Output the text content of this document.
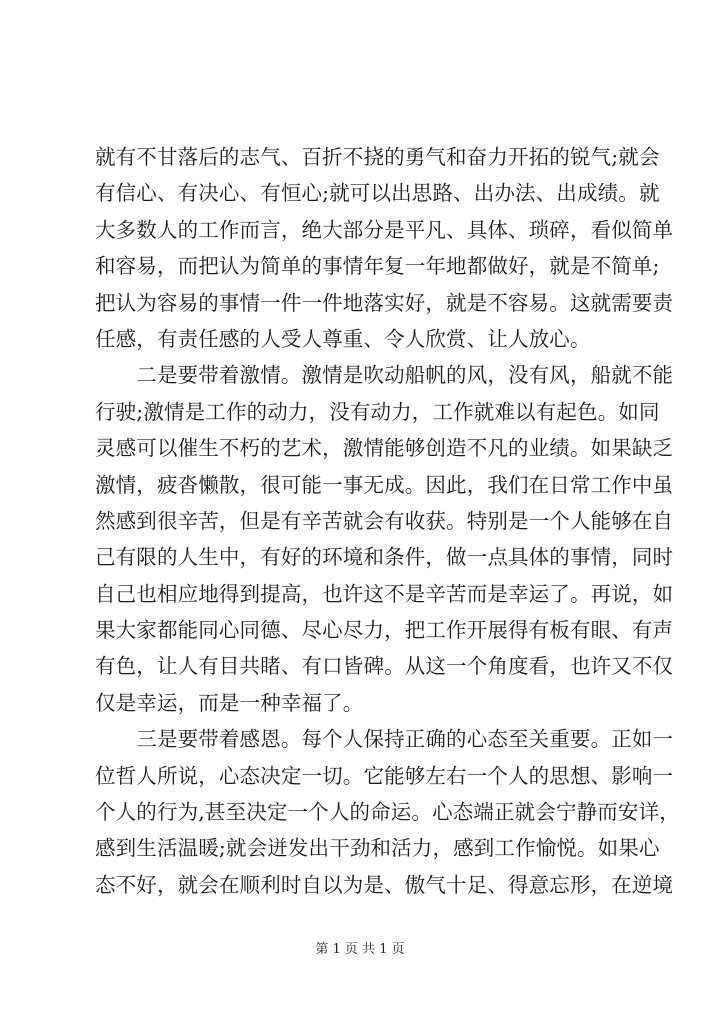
就有不甘落后的志气、百折不挠的勇气和奋力开拓的锐气;就会
有信心、有决心、有恒心;就可以出思路、出办法、出成绩。就
大多数人的工作而言，绝大部分是平凡、具体、琐碎，看似简单
和容易，而把认为简单的事情年复一年地都做好，就是不简单;
把认为容易的事情一件一件地落实好，就是不容易。这就需要责
任感，有责任感的人受人尊重、令人欣赏、让人放心。
　　二是要带着激情。激情是吹动船帆的风，没有风，船就不能
行驶;激情是工作的动力，没有动力，工作就难以有起色。如同
灵感可以催生不朽的艺术，激情能够创造不凡的业绩。如果缺乏
激情，疲沓懒散，很可能一事无成。因此，我们在日常工作中虽
然感到很辛苦，但是有辛苦就会有收获。特别是一个人能够在自
己有限的人生中，有好的环境和条件，做一点具体的事情，同时
自己也相应地得到提高，也许这不是辛苦而是幸运了。再说，如
果大家都能同心同德、尽心尽力，把工作开展得有板有眼、有声
有色，让人有目共睹、有口皆碑。从这一个角度看，也许又不仅
仅是幸运，而是一种幸福了。
　　三是要带着感恩。每个人保持正确的心态至关重要。正如一
位哲人所说，心态决定一切。它能够左右一个人的思想、影响一
个人的行为,甚至决定一个人的命运。心态端正就会宁静而安详，
感到生活温暖;就会迸发出干劲和活力，感到工作愉悦。如果心
态不好，就会在顺利时自以为是、傲气十足、得意忘形，在逆境
第 1 页 共 1 页
